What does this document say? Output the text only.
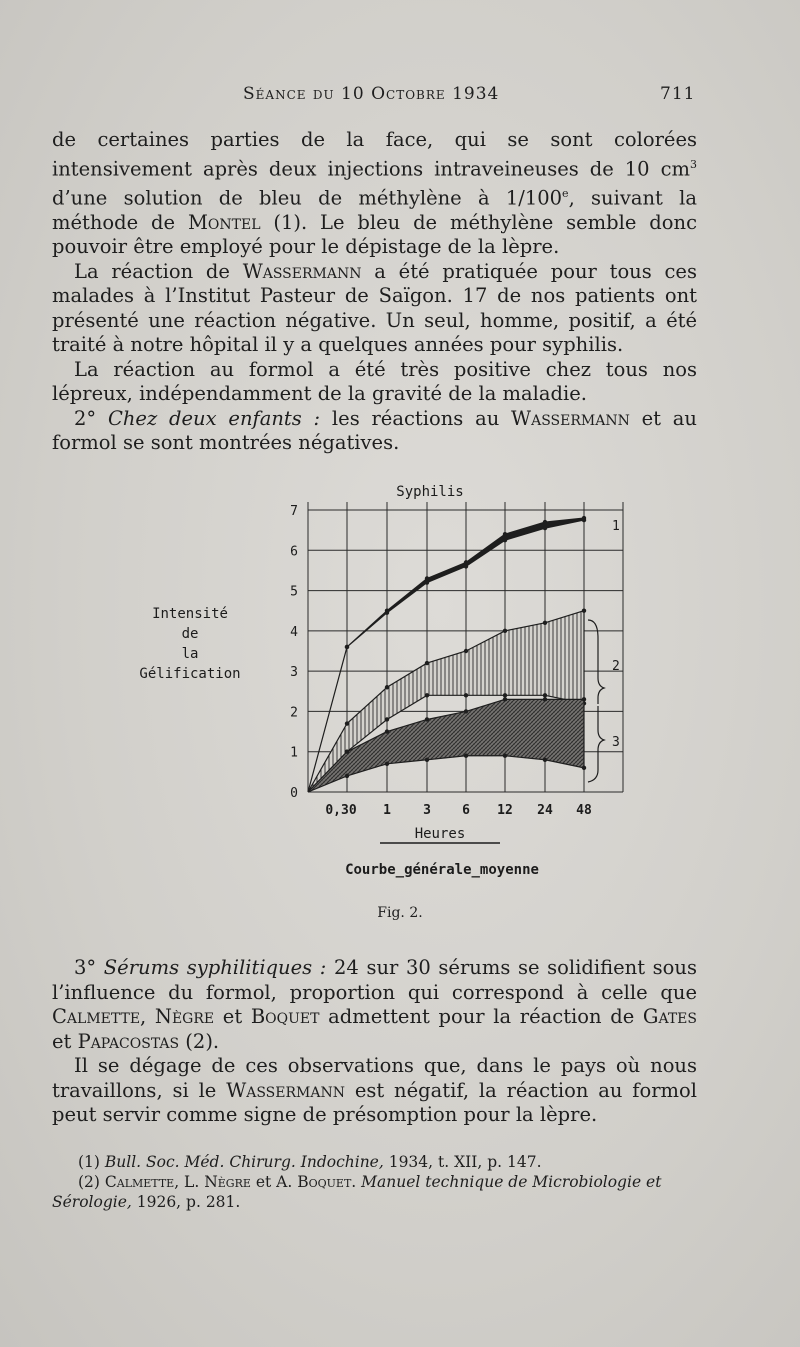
Séance du 10 Octobre 1934	711

de certaines parties de la face, qui se sont colorées intensivement après deux injections intraveineuses de 10 $cm^3$ d’une solution de bleu de méthylène à 1/100e, suivant la méthode de Montel (1). Le bleu de méthylène semble donc pouvoir être employé pour le dépistage de la lèpre.

La réaction de Wassermann a été pratiquée pour tous ces malades à l’Institut Pasteur de Saïgon. 17 de nos patients ont présenté une réaction négative. Un seul, homme, positif, a été traité à notre hôpital il y a quelques années pour syphilis.

La réaction au formol a été très positive chez tous nos lépreux, indépendamment de la gravité de la maladie.

2° Chez deux enfants : les réactions au Wassermann et au formol se sont montrées négatives.

Syphilis
Intensité
de
la
Gélification
0
1
2
3
4
5
6
7
0,30 1 3 6 12 24 48
1
2
3
Heures
Courbe_générale_moyenne
Fig. 2.

3° Sérums syphilitiques : 24 sur 30 sérums se solidifient sous l’influence du formol, proportion qui correspond à celle que Calmette, Nègre et Boquet admettent pour la réaction de Gates et Papacostas (2).

Il se dégage de ces observations que, dans le pays où nous travaillons, si le Wassermann est négatif, la réaction au formol peut servir comme signe de présomption pour la lèpre.

(1) Bull. Soc. Méd. Chirurg. Indochine, 1934, t. XII, p. 147.

(2) Calmette, L. Nègre et A. Boquet. Manuel technique de Microbiologie et Sérologie, 1926, p. 281.
